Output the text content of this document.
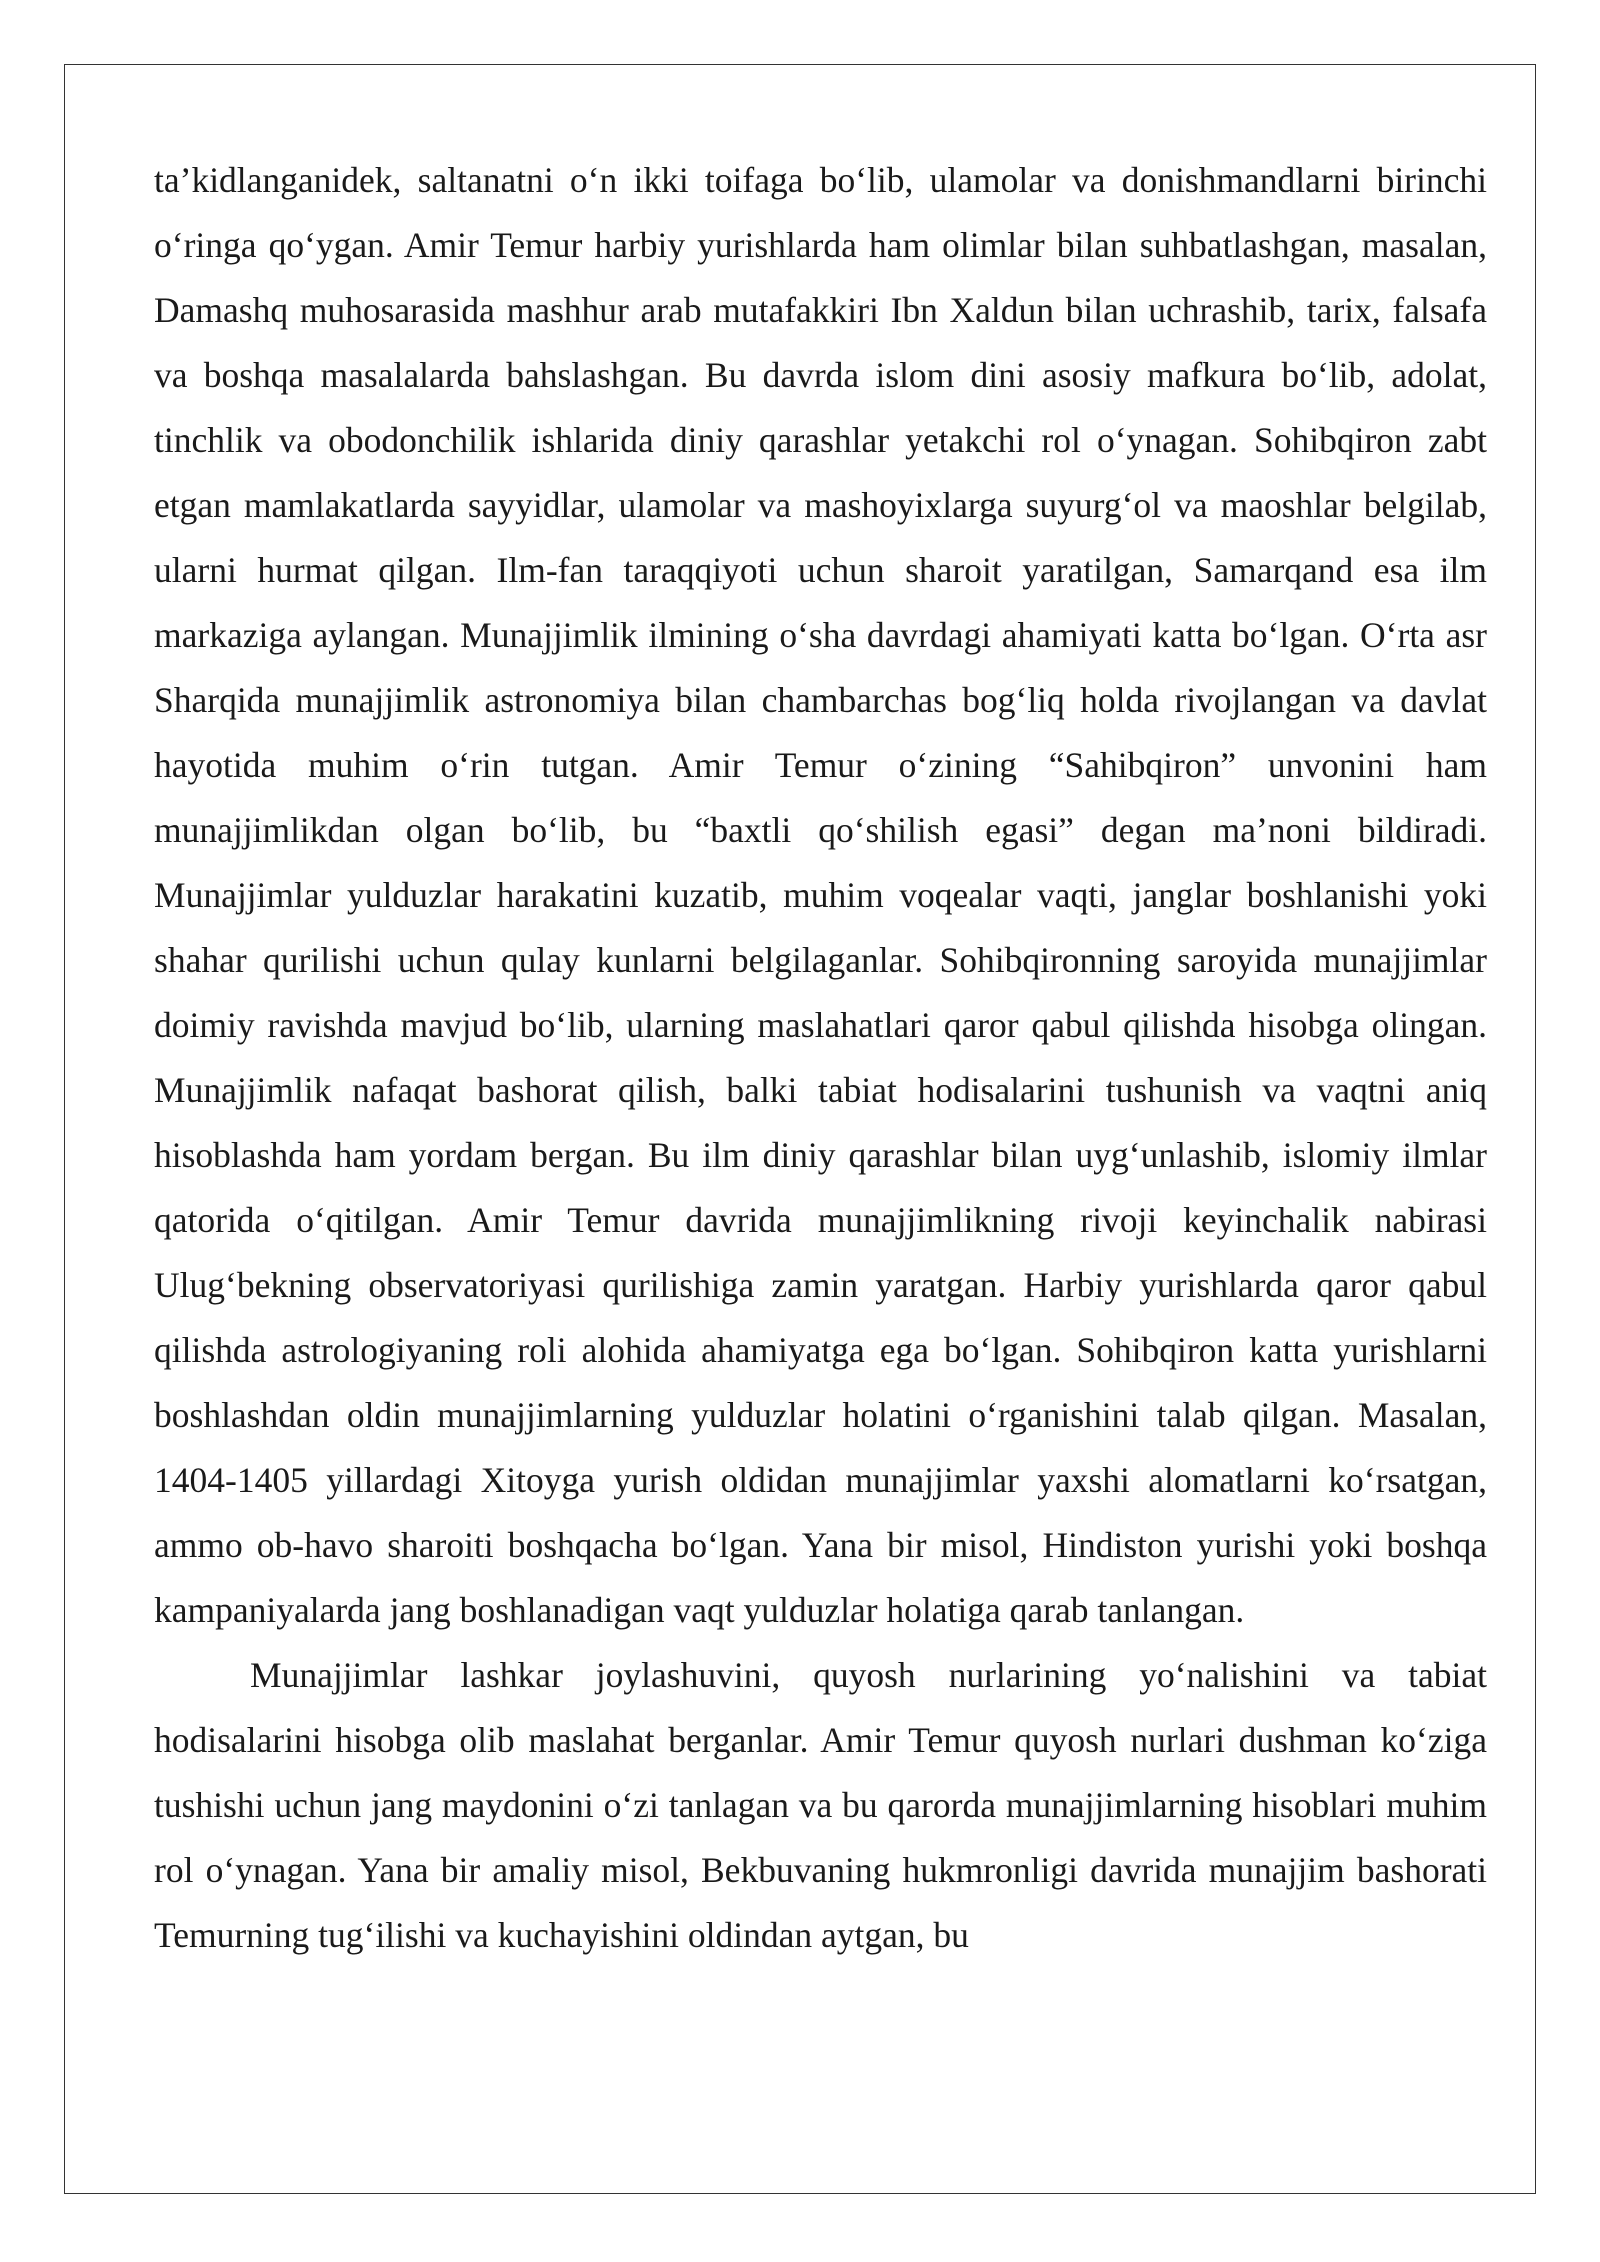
ta’kidlanganidek, saltanatni o‘n ikki toifaga bo‘lib, ulamolar va donishmandlarni birinchi o‘ringa qo‘ygan. Amir Temur harbiy yurishlarda ham olimlar bilan suhbatlashgan, masalan, Damashq muhosarasida mashhur arab mutafakkiri Ibn Xaldun bilan uchrashib, tarix, falsafa va boshqa masalalarda bahslashgan. Bu davrda islom dini asosiy mafkura bo‘lib, adolat, tinchlik va obodonchilik ishlarida diniy qarashlar yetakchi rol o‘ynagan. Sohibqiron zabt etgan mamlakatlarda sayyidlar, ulamolar va mashoyixlarga suyurg‘ol va maoshlar belgilab, ularni hurmat qilgan. Ilm-fan taraqqiyoti uchun sharoit yaratilgan, Samarqand esa ilm markaziga aylangan. Munajjimlik ilmining o‘sha davrdagi ahamiyati katta bo‘lgan. O‘rta asr Sharqida munajjimlik astronomiya bilan chambarchas bog‘liq holda rivojlangan va davlat hayotida muhim o‘rin tutgan. Amir Temur o‘zining “Sahibqiron” unvonini ham munajjimlikdan olgan bo‘lib, bu “baxtli qo‘shilish egasi” degan ma’noni bildiradi. Munajjimlar yulduzlar harakatini kuzatib, muhim voqealar vaqti, janglar boshlanishi yoki shahar qurilishi uchun qulay kunlarni belgilaganlar. Sohibqironning saroyida munajjimlar doimiy ravishda mavjud bo‘lib, ularning maslahatlari qaror qabul qilishda hisobga olingan. Munajjimlik nafaqat bashorat qilish, balki tabiat hodisalarini tushunish va vaqtni aniq hisoblashda ham yordam bergan. Bu ilm diniy qarashlar bilan uyg‘unlashib, islomiy ilmlar qatorida o‘qitilgan. Amir Temur davrida munajjimlikning rivoji keyinchalik nabirasi Ulug‘bekning observatoriyasi qurilishiga zamin yaratgan. Harbiy yurishlarda qaror qabul qilishda astrologiyaning roli alohida ahamiyatga ega bo‘lgan. Sohibqiron katta yurishlarni boshlashdan oldin munajjimlarning yulduzlar holatini o‘rganishini talab qilgan. Masalan, 1404-1405 yillardagi Xitoyga yurish oldidan munajjimlar yaxshi alomatlarni ko‘rsatgan, ammo ob-havo sharoiti boshqacha bo‘lgan. Yana bir misol, Hindiston yurishi yoki boshqa kampaniyalarda jang boshlanadigan vaqt yulduzlar holatiga qarab tanlangan.

Munajjimlar lashkar joylashuvini, quyosh nurlarining yo‘nalishini va tabiat hodisalarini hisobga olib maslahat berganlar. Amir Temur quyosh nurlari dushman ko‘ziga tushishi uchun jang maydonini o‘zi tanlagan va bu qarorda munajjimlarning hisoblari muhim rol o‘ynagan. Yana bir amaliy misol, Bekbuvaning hukmronligi davrida munajjim bashorati Temurning tug‘ilishi va kuchayishini oldindan aytgan, bu
